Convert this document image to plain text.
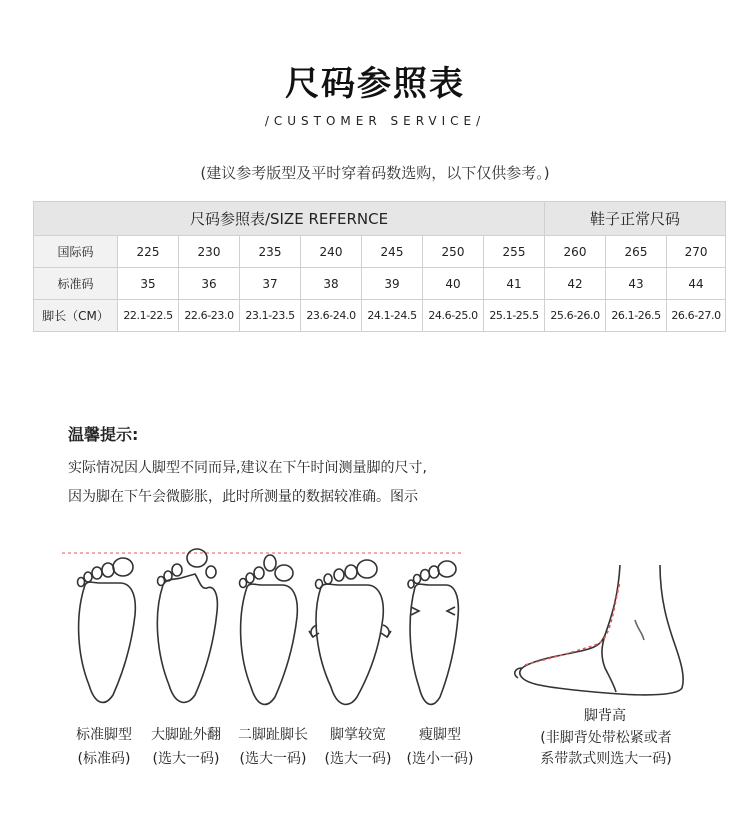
尺码参照表
/CUSTOMER SERVICE/
(建议参考版型及平时穿着码数选购，以下仅供参考。)
尺码参照表/SIZE REFERNCE								鞋子正常尺码		
国际码	225	230	235	240	245	250	255	260	265	270
标准码	35	36	37	38	39	40	41	42	43	44
脚长（CM）	22.1-22.5	22.6-23.0	23.1-23.5	23.6-24.0	24.1-24.5	24.6-25.0	25.1-25.5	25.6-26.0	26.1-26.5	26.6-27.0
温馨提示:
实际情况因人脚型不同而异,建议在下午时间测量脚的尺寸,
因为脚在下午会微膨胀，此时所测量的数据较准确。图示
标准脚型
(标准码)
大脚趾外翻
(选大一码)
二脚趾脚长
(选大一码)
脚掌较宽
(选大一码)
瘦脚型
(选小一码)
脚背高
(非脚背处带松紧或者
系带款式则选大一码)
